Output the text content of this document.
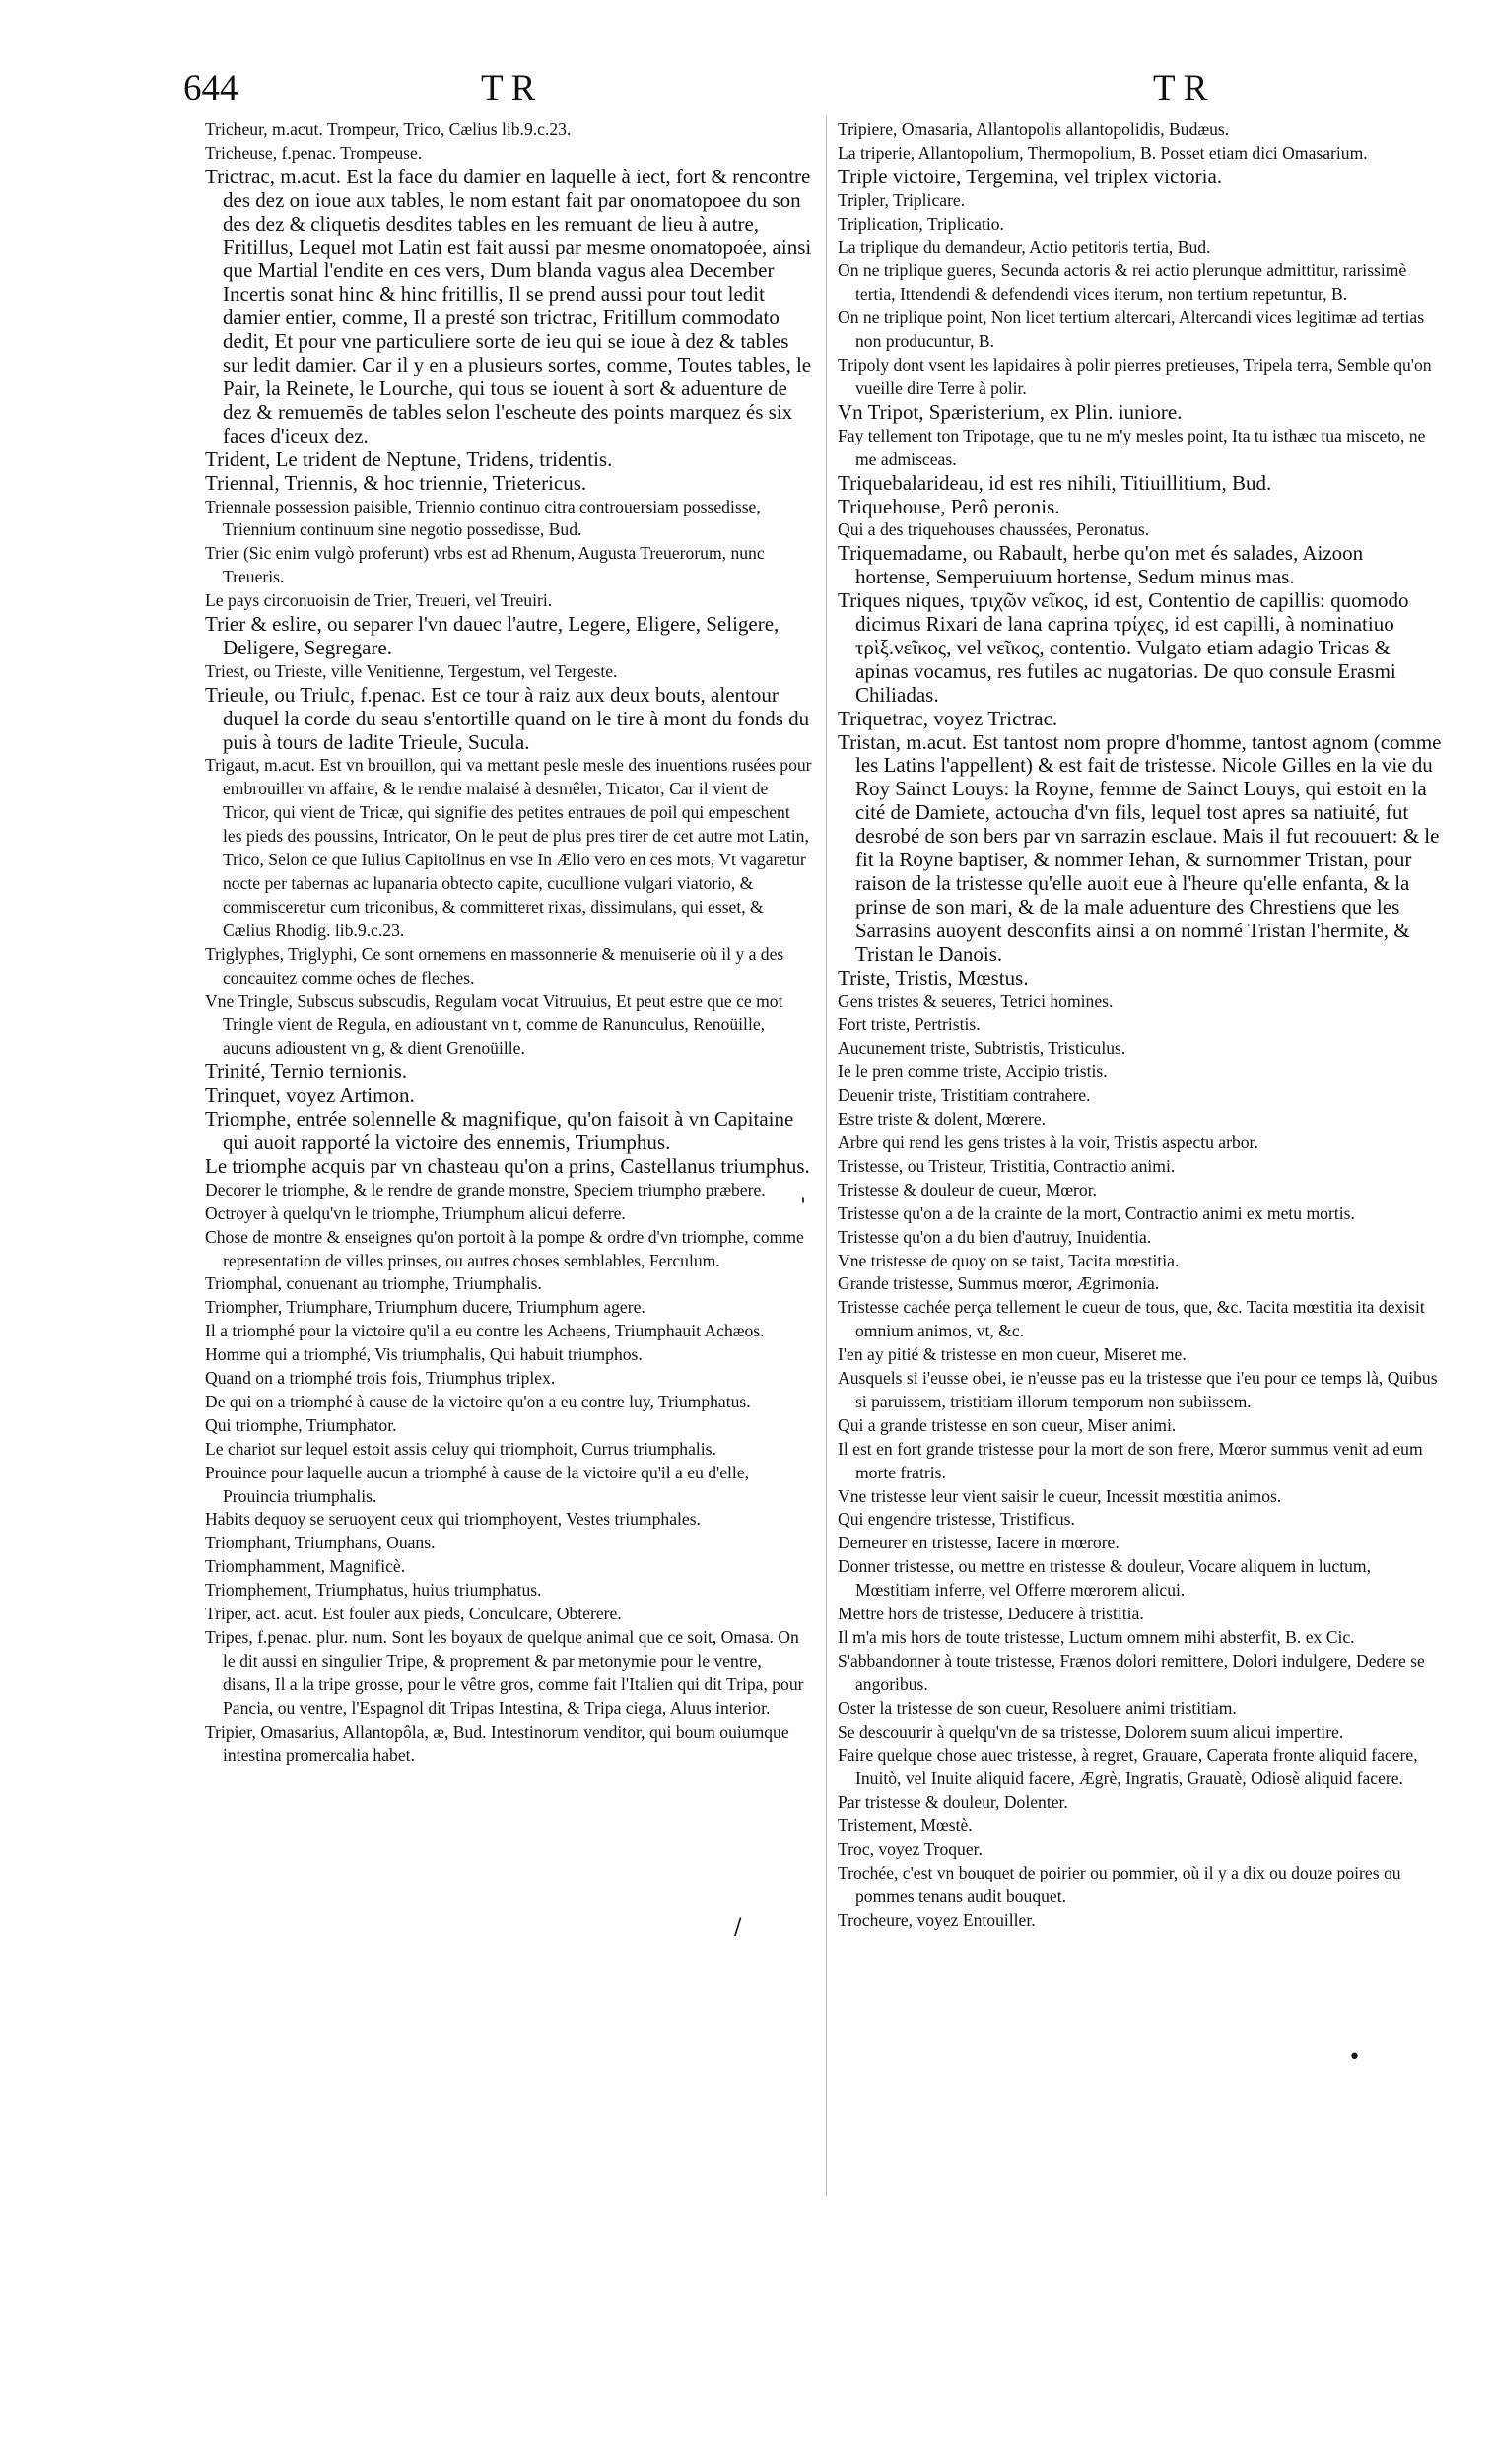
644	TR	TR

Tricheur, m.acut. Trompeur, Trico, Cælius lib.9.c.23.

Tricheuse, f.penac. Trompeuse.

Trictrac, m.acut. Est la face du damier en laquelle à iect, fort & rencontre des dez on ioue aux tables, le nom estant fait par onomatopoee du son des dez & cliquetis desdites tables en les remuant de lieu à autre, Fritillus, Lequel mot Latin est fait aussi par mesme onomatopoée, ainsi que Martial l'endite en ces vers, Dum blanda vagus alea December Incertis sonat hinc & hinc fritillis, Il se prend aussi pour tout ledit damier entier, comme, Il a presté son trictrac, Fritillum commodato dedit, Et pour vne particuliere sorte de ieu qui se ioue à dez & tables sur ledit damier. Car il y en a plusieurs sortes, comme, Toutes tables, le Pair, la Reinete, le Lourche, qui tous se iouent à sort & aduenture de dez & remuemēs de tables selon l'escheute des points marquez és six faces d'iceux dez.

Trident, Le trident de Neptune, Tridens, tridentis.

Triennal, Triennis, & hoc triennie, Trietericus.

Triennale possession paisible, Triennio continuo citra controuersiam possedisse, Triennium continuum sine negotio possedisse, Bud.

Trier (Sic enim vulgò proferunt) vrbs est ad Rhenum, Augusta Treuerorum, nunc Treueris.

Le pays circonuoisin de Trier, Treueri, vel Treuiri.

Trier & eslire, ou separer l'vn dauec l'autre, Legere, Eligere, Seligere, Deligere, Segregare.

Triest, ou Trieste, ville Venitienne, Tergestum, vel Tergeste.

Trieule, ou Triulc, f.penac. Est ce tour à raiz aux deux bouts, alentour duquel la corde du seau s'entortille quand on le tire à mont du fonds du puis à tours de ladite Trieule, Sucula.

Trigaut, m.acut. Est vn brouillon, qui va mettant pesle mesle des inuentions rusées pour embrouiller vn affaire, & le rendre malaisé à desmêler, Tricator, Car il vient de Tricor, qui vient de Tricæ, qui signifie des petites entraues de poil qui empeschent les pieds des poussins, Intricator, On le peut de plus pres tirer de cet autre mot Latin, Trico, Selon ce que Iulius Capitolinus en vse In Ælio vero en ces mots, Vt vagaretur nocte per tabernas ac lupanaria obtecto capite, cucullione vulgari viatorio, & commisceretur cum triconibus, & committeret rixas, dissimulans, qui esset, & Cælius Rhodig. lib.9.c.23.

Triglyphes, Triglyphi, Ce sont ornemens en massonnerie & menuiserie où il y a des concauitez comme oches de fleches.

Vne Tringle, Subscus subscudis, Regulam vocat Vitruuius, Et peut estre que ce mot Tringle vient de Regula, en adioustant vn t, comme de Ranunculus, Renoüille, aucuns adioustent vn g, & dient Grenoüille.

Trinité, Ternio ternionis.

Trinquet, voyez Artimon.

Triomphe, entrée solennelle & magnifique, qu'on faisoit à vn Capitaine qui auoit rapporté la victoire des ennemis, Triumphus.

Le triomphe acquis par vn chasteau qu'on a prins, Castellanus triumphus.

Decorer le triomphe, & le rendre de grande monstre, Speciem triumpho præbere.

Octroyer à quelqu'vn le triomphe, Triumphum alicui deferre.

Chose de montre & enseignes qu'on portoit à la pompe & ordre d'vn triomphe, comme representation de villes prinses, ou autres choses semblables, Ferculum.

Triomphal, conuenant au triomphe, Triumphalis.

Triompher, Triumphare, Triumphum ducere, Triumphum agere.

Il a triomphé pour la victoire qu'il a eu contre les Acheens, Triumphauit Achæos.

Homme qui a triomphé, Vis triumphalis, Qui habuit triumphos.

Quand on a triomphé trois fois, Triumphus triplex.

De qui on a triomphé à cause de la victoire qu'on a eu contre luy, Triumphatus.

Qui triomphe, Triumphator.

Le chariot sur lequel estoit assis celuy qui triomphoit, Currus triumphalis.

Prouince pour laquelle aucun a triomphé à cause de la victoire qu'il a eu d'elle, Prouincia triumphalis.

Habits dequoy se seruoyent ceux qui triomphoyent, Vestes triumphales.

Triomphant, Triumphans, Ouans.

Triomphamment, Magnificè.

Triomphement, Triumphatus, huius triumphatus.

Triper, act. acut. Est fouler aux pieds, Conculcare, Obterere.

Tripes, f.penac. plur. num. Sont les boyaux de quelque animal que ce soit, Omasa. On le dit aussi en singulier Tripe, & proprement & par metonymie pour le ventre, disans, Il a la tripe grosse, pour le vêtre gros, comme fait l'Italien qui dit Tripa, pour Pancia, ou ventre, l'Espagnol dit Tripas Intestina, & Tripa ciega, Aluus interior.

Tripier, Omasarius, Allantopôla, æ, Bud. Intestinorum venditor, qui boum ouiumque intestina promercalia habet.

Tripiere, Omasaria, Allantopolis allantopolidis, Budæus.

La triperie, Allantopolium, Thermopolium, B. Posset etiam dici Omasarium.

Triple victoire, Tergemina, vel triplex victoria.

Tripler, Triplicare.

Triplication, Triplicatio.

La triplique du demandeur, Actio petitoris tertia, Bud.

On ne triplique gueres, Secunda actoris & rei actio plerunque admittitur, rarissimè tertia, Ittendendi & defendendi vices iterum, non tertium repetuntur, B.

On ne triplique point, Non licet tertium altercari, Altercandi vices legitimæ ad tertias non producuntur, B.

Tripoly dont vsent les lapidaires à polir pierres pretieuses, Tripela terra, Semble qu'on vueille dire Terre à polir.

Vn Tripot, Spæristerium, ex Plin. iuniore.

Fay tellement ton Tripotage, que tu ne m'y mesles point, Ita tu isthæc tua misceto, ne me admisceas.

Triquebalarideau, id est res nihili, Titiuillitium, Bud.

Triquehouse, Perô peronis.

Qui a des triquehouses chaussées, Peronatus.

Triquemadame, ou Rabault, herbe qu'on met és salades, Aizoon hortense, Semperuiuum hortense, Sedum minus mas.

Triques niques, τριχῶν νεῖκος, id est, Contentio de capillis: quomodo dicimus Rixari de lana caprina τρίχες, id est capilli, à nominatiuo τρὶξ.νεῖκος, vel νεῖκος, contentio. Vulgato etiam adagio Tricas & apinas vocamus, res futiles ac nugatorias. De quo consule Erasmi Chiliadas.

Triquetrac, voyez Trictrac.

Tristan, m.acut. Est tantost nom propre d'homme, tantost agnom (comme les Latins l'appellent) & est fait de tristesse. Nicole Gilles en la vie du Roy Sainct Louys: la Royne, femme de Sainct Louys, qui estoit en la cité de Damiete, actoucha d'vn fils, lequel tost apres sa natiuité, fut desrobé de son bers par vn sarrazin esclaue. Mais il fut recouuert: & le fit la Royne baptiser, & nommer Iehan, & surnommer Tristan, pour raison de la tristesse qu'elle auoit eue à l'heure qu'elle enfanta, & la prinse de son mari, & de la male aduenture des Chrestiens que les Sarrasins auoyent desconfits ainsi a on nommé Tristan l'hermite, & Tristan le Danois.

Triste, Tristis, Mœstus.

Gens tristes & seueres, Tetrici homines.

Fort triste, Pertristis.

Aucunement triste, Subtristis, Tristiculus.

Ie le pren comme triste, Accipio tristis.

Deuenir triste, Tristitiam contrahere.

Estre triste & dolent, Mœrere.

Arbre qui rend les gens tristes à la voir, Tristis aspectu arbor.

Tristesse, ou Tristeur, Tristitia, Contractio animi.

Tristesse & douleur de cueur, Mœror.

Tristesse qu'on a de la crainte de la mort, Contractio animi ex metu mortis.

Tristesse qu'on a du bien d'autruy, Inuidentia.

Vne tristesse de quoy on se taist, Tacita mœstitia.

Grande tristesse, Summus mœror, Ægrimonia.

Tristesse cachée perça tellement le cueur de tous, que, &c. Tacita mœstitia ita dexisit omnium animos, vt, &c.

I'en ay pitié & tristesse en mon cueur, Miseret me.

Ausquels si i'eusse obei, ie n'eusse pas eu la tristesse que i'eu pour ce temps là, Quibus si paruissem, tristitiam illorum temporum non subiissem.

Qui a grande tristesse en son cueur, Miser animi.

Il est en fort grande tristesse pour la mort de son frere, Mœror summus venit ad eum morte fratris.

Vne tristesse leur vient saisir le cueur, Incessit mœstitia animos.

Qui engendre tristesse, Tristificus.

Demeurer en tristesse, Iacere in mœrore.

Donner tristesse, ou mettre en tristesse & douleur, Vocare aliquem in luctum, Mœstitiam inferre, vel Offerre mœrorem alicui.

Mettre hors de tristesse, Deducere à tristitia.

Il m'a mis hors de toute tristesse, Luctum omnem mihi absterfit, B. ex Cic.

S'abbandonner à toute tristesse, Frænos dolori remittere, Dolori indulgere, Dedere se angoribus.

Oster la tristesse de son cueur, Resoluere animi tristitiam.

Se descouurir à quelqu'vn de sa tristesse, Dolorem suum alicui impertire.

Faire quelque chose auec tristesse, à regret, Grauare, Caperata fronte aliquid facere, Inuitò, vel Inuite aliquid facere, Ægrè, Ingratis, Grauatè, Odiosè aliquid facere.

Par tristesse & douleur, Dolenter.

Tristement, Mœstè.

Troc, voyez Troquer.

Trochée, c'est vn bouquet de poirier ou pommier, où il y a dix ou douze poires ou pommes tenans audit bouquet.

Trocheure, voyez Entouiller.

'
/
•
